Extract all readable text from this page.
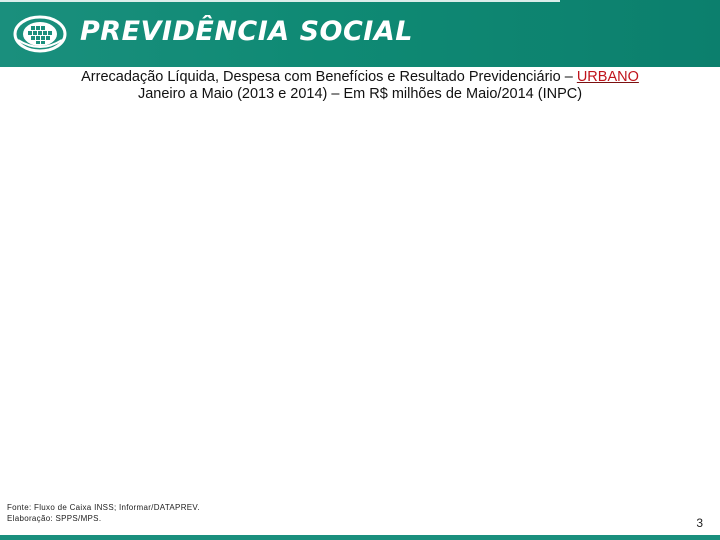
PREVIDÊNCIA SOCIAL
Arrecadação Líquida, Despesa com Benefícios e Resultado Previdenciário – URBANO
Janeiro a Maio (2013 e 2014) – Em R$ milhões de Maio/2014 (INPC)
Fonte: Fluxo de Caixa INSS; Informar/DATAPREV.
Elaboração: SPPS/MPS.	3
